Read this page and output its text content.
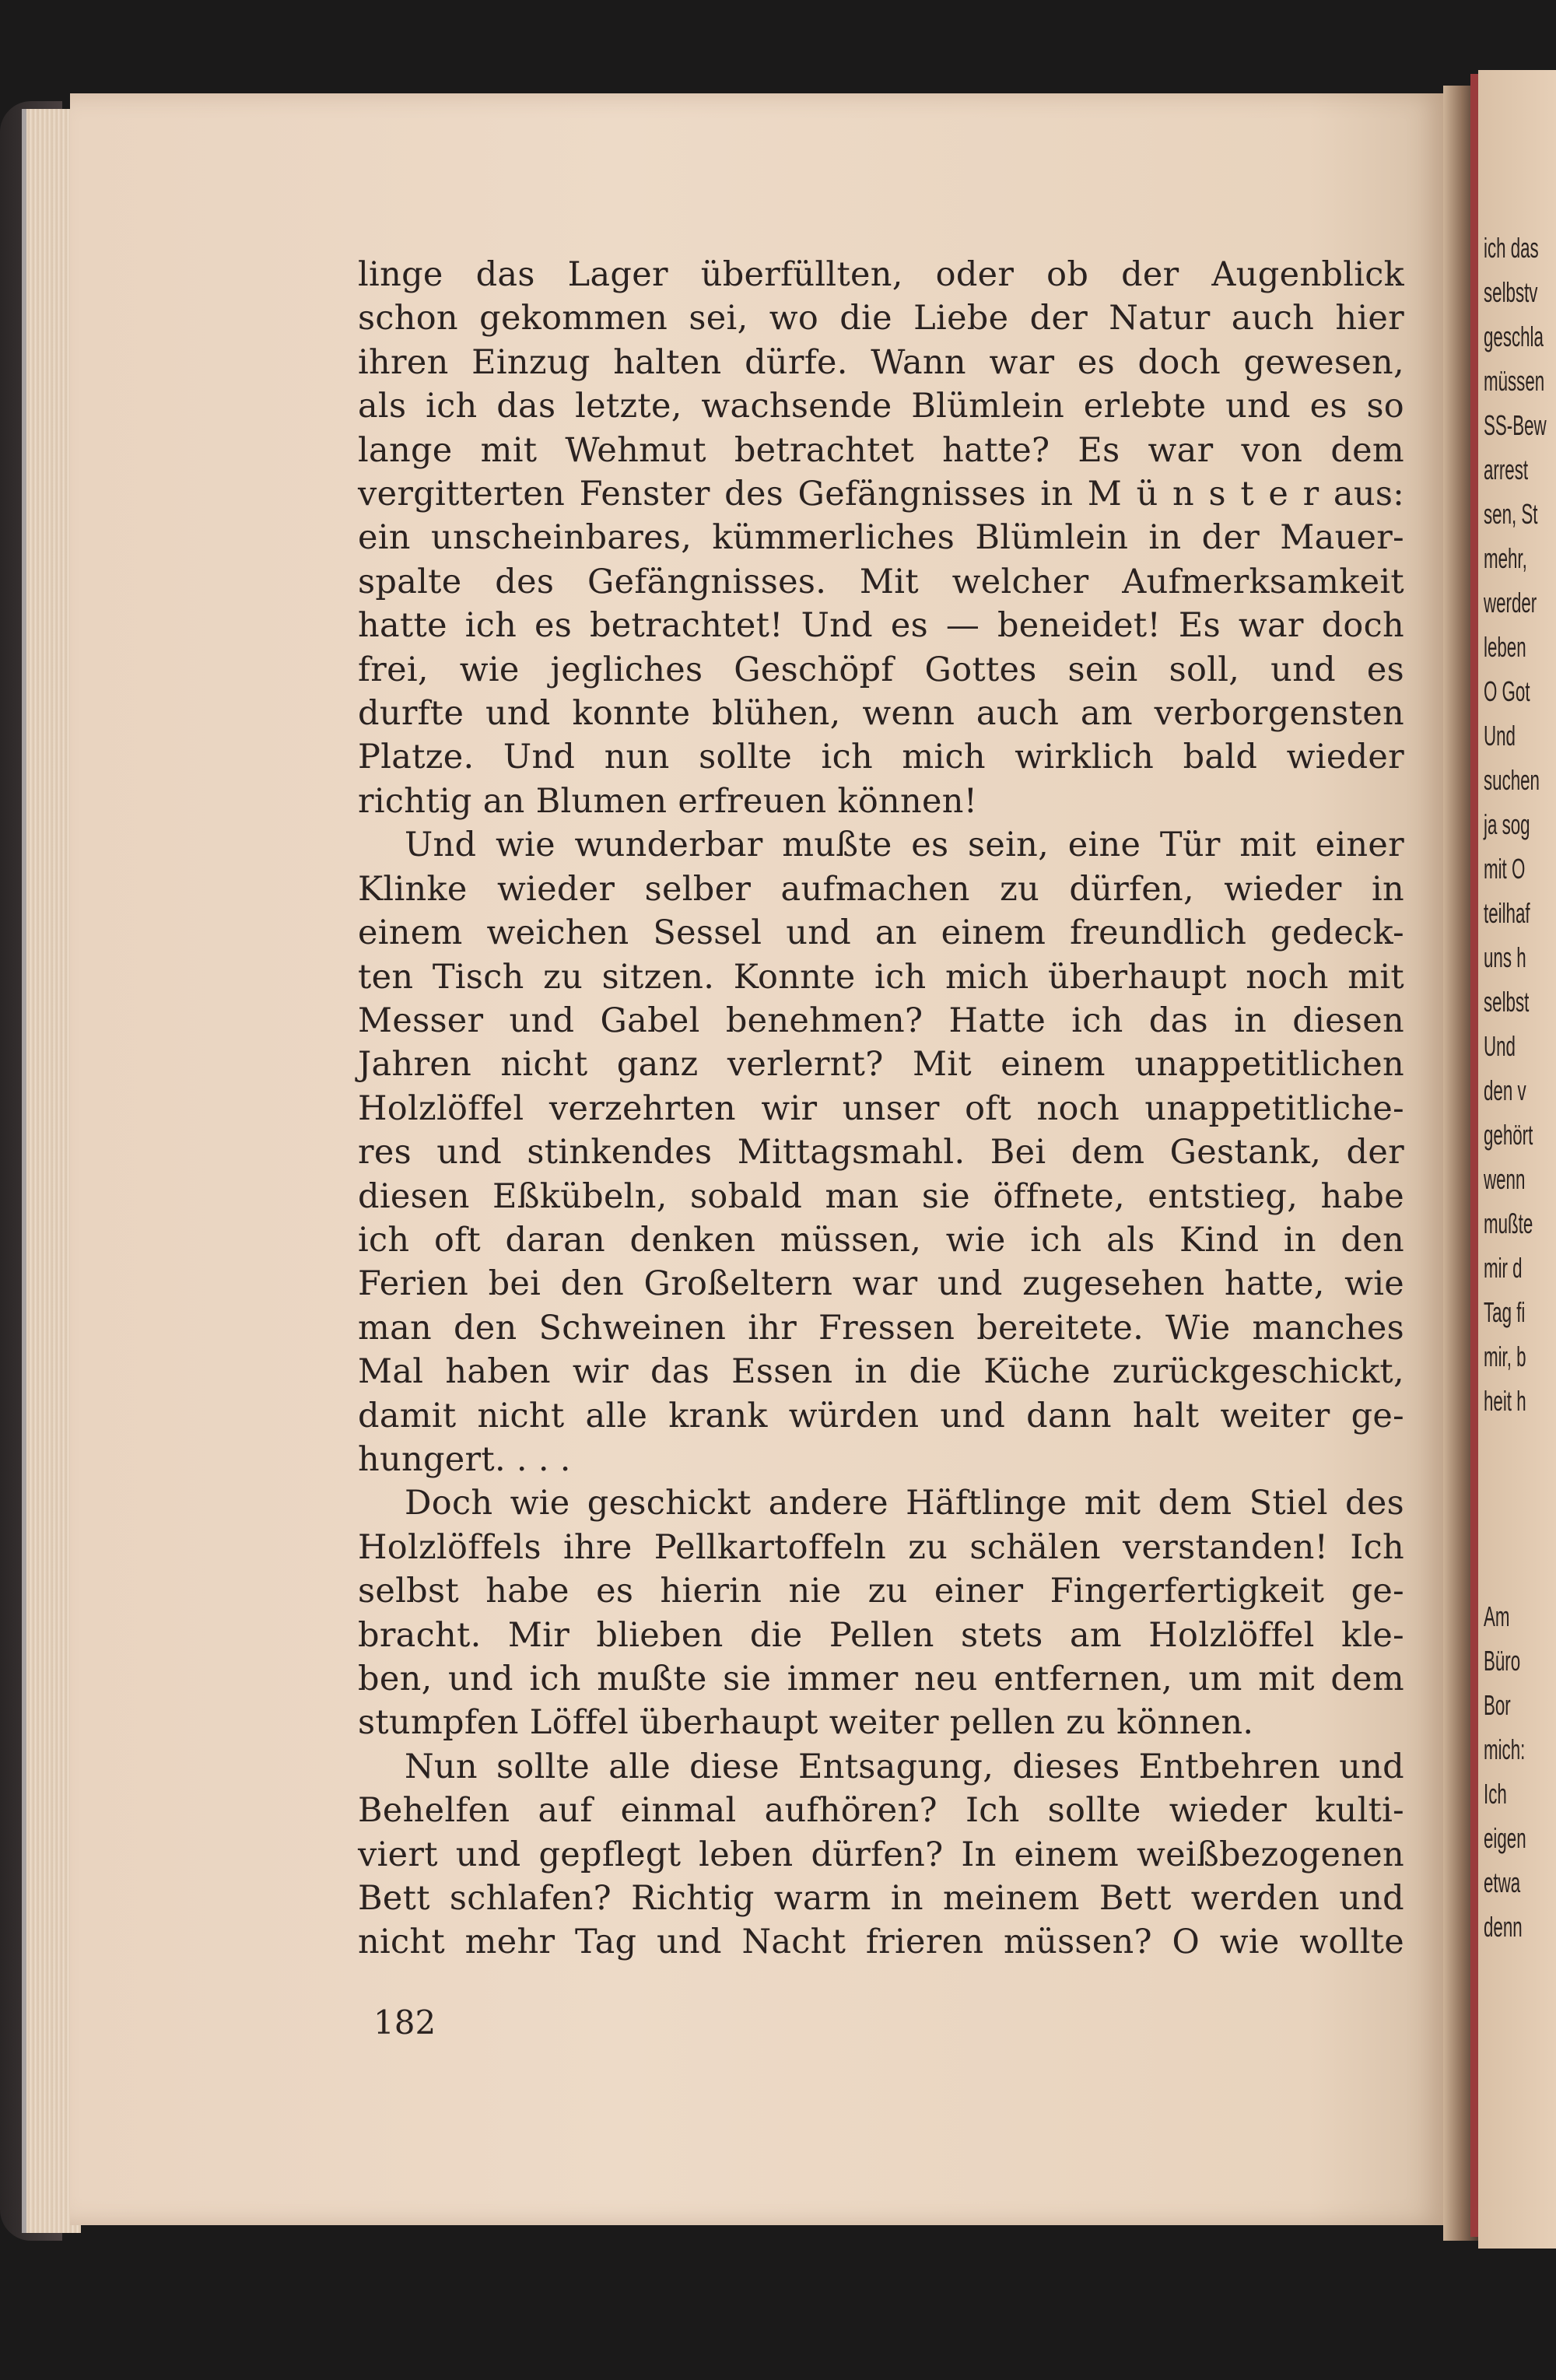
linge das Lager überfüllten, oder ob der Augenblick
schon gekommen sei, wo die Liebe der Natur auch hier
ihren Einzug halten dürfe. Wann war es doch gewesen,
als ich das letzte, wachsende Blümlein erlebte und es so
lange mit Wehmut betrachtet hatte? Es war von dem
vergitterten Fenster des Gefängnisses in M ü n s t e r aus:
ein unscheinbares, kümmerliches Blümlein in der Mauer-
spalte des Gefängnisses. Mit welcher Aufmerksamkeit
hatte ich es betrachtet! Und es — beneidet! Es war doch
frei, wie jegliches Geschöpf Gottes sein soll, und es
durfte und konnte blühen, wenn auch am verborgensten
Platze. Und nun sollte ich mich wirklich bald wieder
richtig an Blumen erfreuen können!
Und wie wunderbar mußte es sein, eine Tür mit einer
Klinke wieder selber aufmachen zu dürfen, wieder in
einem weichen Sessel und an einem freundlich gedeck-
ten Tisch zu sitzen. Konnte ich mich überhaupt noch mit
Messer und Gabel benehmen? Hatte ich das in diesen
Jahren nicht ganz verlernt? Mit einem unappetitlichen
Holzlöffel verzehrten wir unser oft noch unappetitliche-
res und stinkendes Mittagsmahl. Bei dem Gestank, der
diesen Eßkübeln, sobald man sie öffnete, entstieg, habe
ich oft daran denken müssen, wie ich als Kind in den
Ferien bei den Großeltern war und zugesehen hatte, wie
man den Schweinen ihr Fressen bereitete. Wie manches
Mal haben wir das Essen in die Küche zurückgeschickt,
damit nicht alle krank würden und dann halt weiter ge-
hungert. . . .
Doch wie geschickt andere Häftlinge mit dem Stiel des
Holzlöffels ihre Pellkartoffeln zu schälen verstanden! Ich
selbst habe es hierin nie zu einer Fingerfertigkeit ge-
bracht. Mir blieben die Pellen stets am Holzlöffel kle-
ben, und ich mußte sie immer neu entfernen, um mit dem
stumpfen Löffel überhaupt weiter pellen zu können.
Nun sollte alle diese Entsagung, dieses Entbehren und
Behelfen auf einmal aufhören? Ich sollte wieder kulti-
viert und gepflegt leben dürfen? In einem weißbezogenen
Bett schlafen? Richtig warm in meinem Bett werden und
nicht mehr Tag und Nacht frieren müssen? O wie wollte
182
ich das
selbstv
geschla
müssen
SS-Bew
arrest
sen, St
mehr,
werder
leben
O Got
Und
suchen
ja sog
mit O
teilhaf
uns h
selbst
Und
den v
gehört
wenn
mußte
mir d
Tag fi
mir, b
heit h
Am
Büro
Bor
mich:
Ich
eigen
etwa
denn
